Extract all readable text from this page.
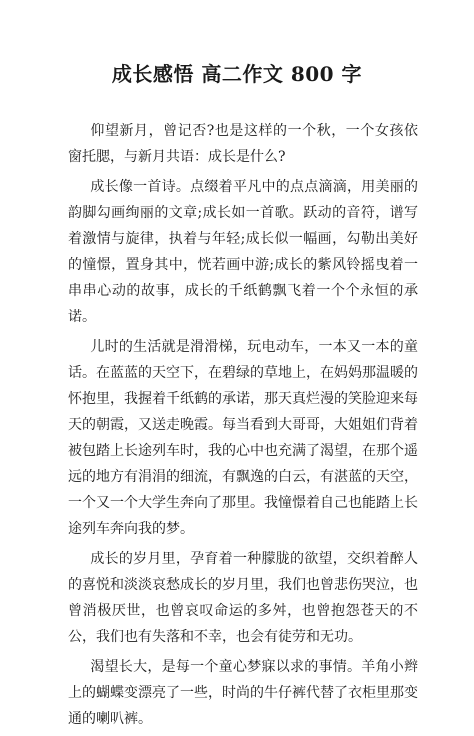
成长感悟 高二作文 800 字

仰望新月，曾记否?也是这样的一个秋，一个女孩依窗托腮，与新月共语：成长是什么?

成长像一首诗。点缀着平凡中的点点滴滴，用美丽的韵脚勾画绚丽的文章;成长如一首歌。跃动的音符，谱写着激情与旋律，执着与年轻;成长似一幅画，勾勒出美好的憧憬，置身其中，恍若画中游;成长的紫风铃摇曳着一串串心动的故事，成长的千纸鹤飘飞着一个个永恒的承诺。

儿时的生活就是滑滑梯，玩电动车，一本又一本的童话。在蓝蓝的天空下，在碧绿的草地上，在妈妈那温暖的怀抱里，我握着千纸鹤的承诺，那天真烂漫的笑脸迎来每天的朝霞，又送走晚霞。每当看到大哥哥，大姐姐们背着被包踏上长途列车时，我的心中也充满了渴望，在那个遥远的地方有涓涓的细流，有飘逸的白云，有湛蓝的天空，一个又一个大学生奔向了那里。我憧憬着自己也能踏上长途列车奔向我的梦。

成长的岁月里，孕育着一种朦胧的欲望，交织着醉人的喜悦和淡淡哀愁成长的岁月里，我们也曾悲伤哭泣，也曾消极厌世，也曾哀叹命运的多舛，也曾抱怨苍天的不公，我们也有失落和不幸，也会有徒劳和无功。

渴望长大，是每一个童心梦寐以求的事情。羊角小辫上的蝴蝶变漂亮了一些，时尚的牛仔裤代替了衣柜里那变通的喇叭裤。
